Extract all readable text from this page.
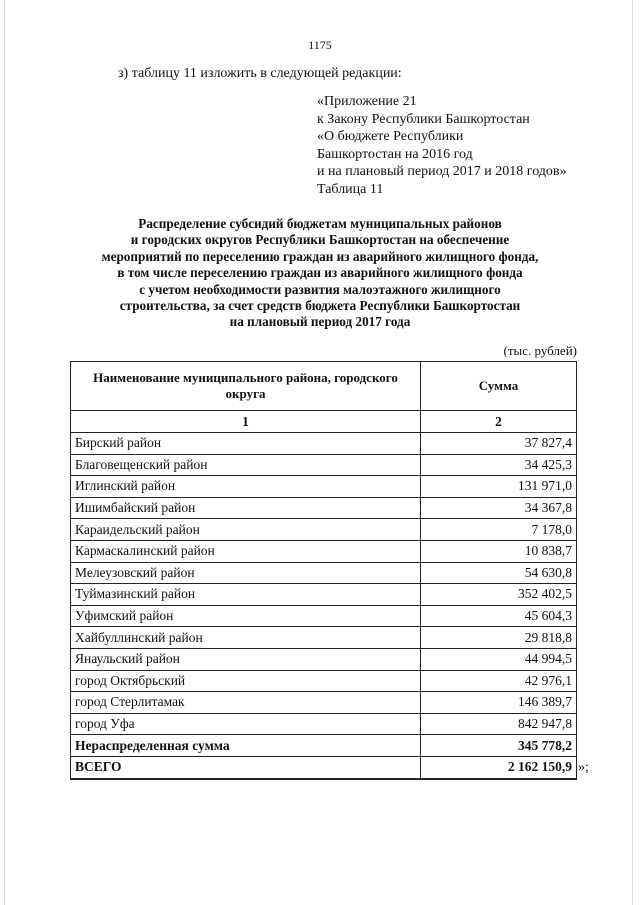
1175
з) таблицу 11 изложить в следующей редакции:
«Приложение 21
к Закону Республики Башкортостан
«О бюджете Республики
Башкортостан на 2016 год
и на плановый период 2017 и 2018 годов»
Таблица 11
Распределение субсидий бюджетам муниципальных районов
и городских округов Республики Башкортостан на обеспечение
мероприятий по переселению граждан из аварийного жилищного фонда,
в том числе переселению граждан из аварийного жилищного фонда
с учетом необходимости развития малоэтажного жилищного
строительства, за счет средств бюджета Республики Башкортостан
на плановый период 2017 года
(тыс. рублей)
Наименование муниципального района, городского округа	Сумма
1	2
Бирский район	37 827,4
Благовещенский район	34 425,3
Иглинский район	131 971,0
Ишимбайский район	34 367,8
Караидельский район	7 178,0
Кармаскалинский район	10 838,7
Мелеузовский район	54 630,8
Туймазинский район	352 402,5
Уфимский район	45 604,3
Хайбуллинский район	29 818,8
Янаульский район	44 994,5
город Октябрьский	42 976,1
город Стерлитамак	146 389,7
город Уфа	842 947,8
Нераспределенная сумма	345 778,2
ВСЕГО	2 162 150,9 »;
